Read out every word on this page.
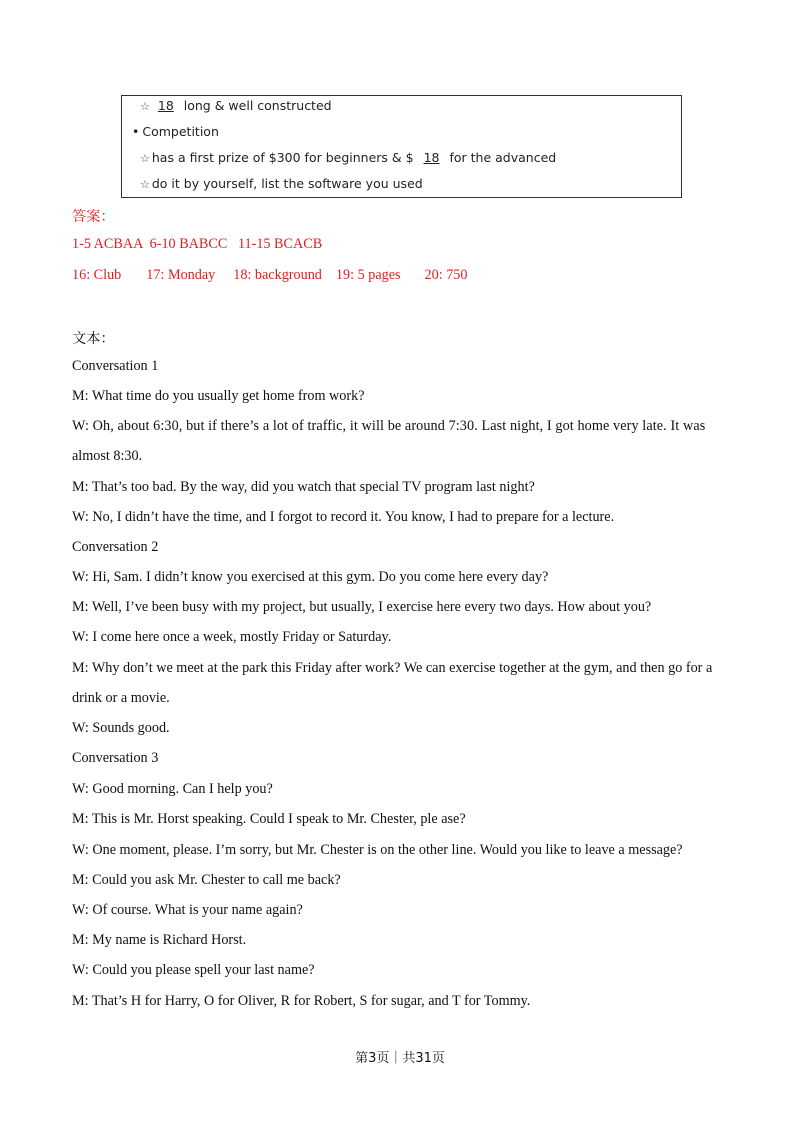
☆ 18 long & well constructed
• Competition
☆ has a first prize of $300 for beginners & $ 18 for the advanced
☆ do it by yourself, list the software you used
答案：
1-5 ACBAA  6-10 BABCC   11-15 BCACB
16: Club 17: Monday 18: background 19: 5 pages 20: 750
文本：
Conversation 1
M: What time do you usually get home from work?
W: Oh, about 6:30, but if there’s a lot of traffic, it will be around 7:30. Last night, I got home very late. It was
almost 8:30.
M: That’s too bad. By the way, did you watch that special TV program last night?
W: No, I didn’t have the time, and I forgot to record it. You know, I had to prepare for a lecture.
Conversation 2
W: Hi, Sam. I didn’t know you exercised at this gym. Do you come here every day?
M: Well, I’ve been busy with my project, but usually, I exercise here every two days. How about you?
W: I come here once a week, mostly Friday or Saturday.
M: Why don’t we meet at the park this Friday after work? We can exercise together at the gym, and then go for a
drink or a movie.
W: Sounds good.
Conversation 3
W: Good morning. Can I help you?
M: This is Mr. Horst speaking. Could I speak to Mr. Chester, ple ase?
W: One moment, please. I’m sorry, but Mr. Chester is on the other line. Would you like to leave a message?
M: Could you ask Mr. Chester to call me back?
W: Of course. What is your name again?
M: My name is Richard Horst.
W: Could you please spell your last name?
M: That’s H for Harry, O for Oliver, R for Robert, S for sugar, and T for Tommy.
第3页｜共31页
